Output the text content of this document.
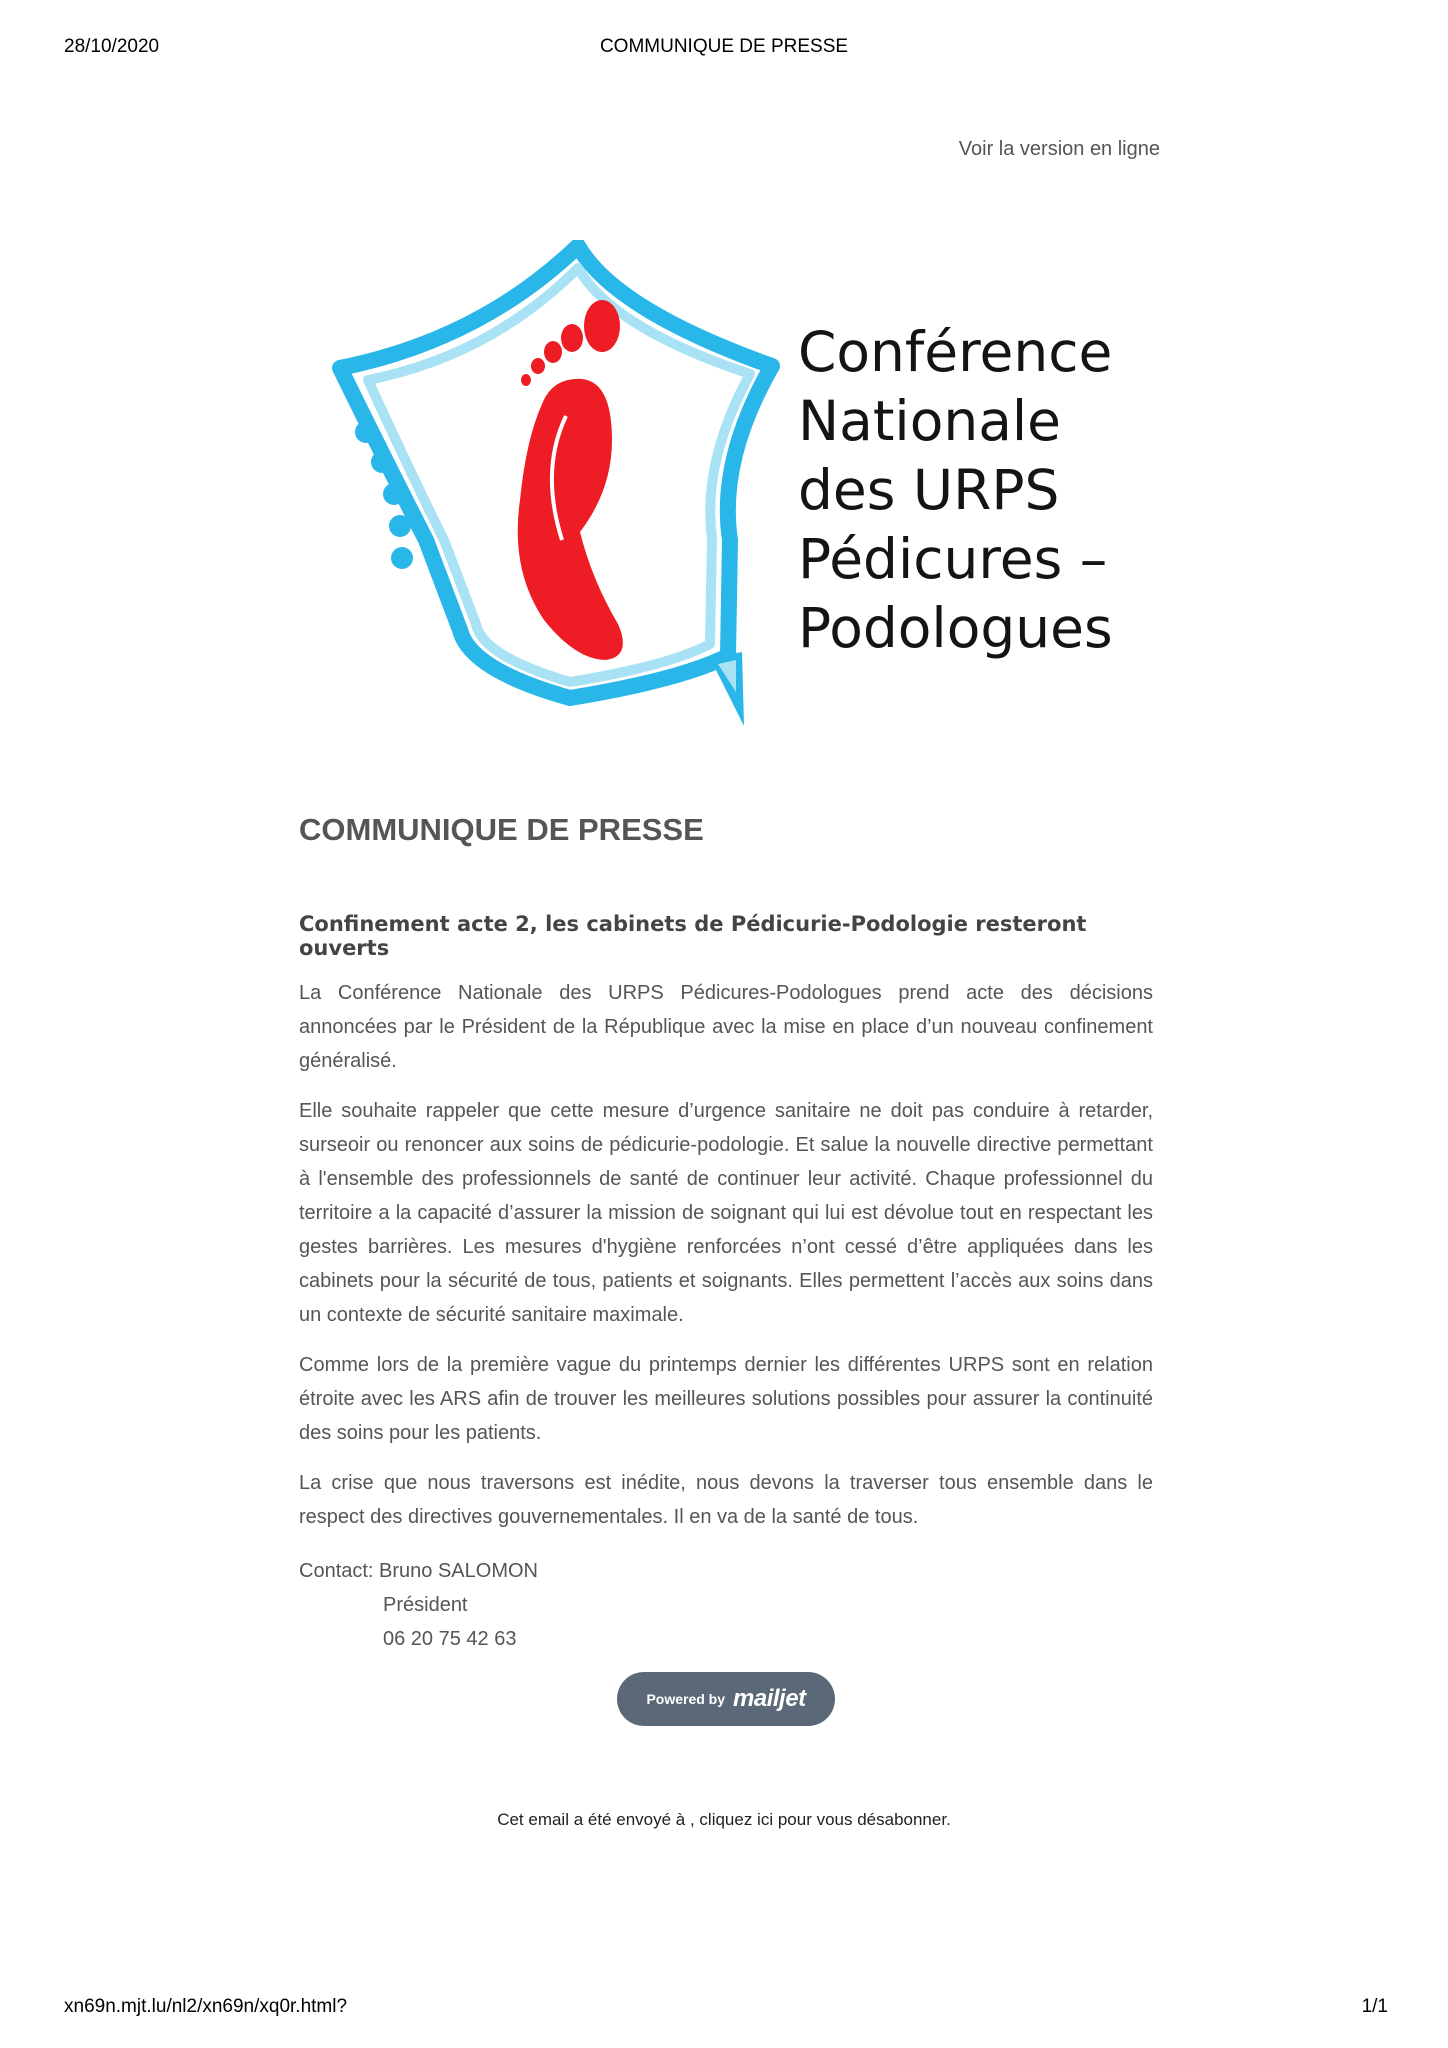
28/10/2020	COMMUNIQUE DE PRESSE
Voir la version en ligne
Conférence
Nationale
des URPS
Pédicures –
Podologues
COMMUNIQUE DE PRESSE
Confinement acte 2, les cabinets de Pédicurie-Podologie resteront ouverts

La Conférence Nationale des URPS Pédicures-Podologues prend acte des décisions annoncées par le Président de la République avec la mise en place d’un nouveau confinement généralisé.

Elle souhaite rappeler que cette mesure d’urgence sanitaire ne doit pas conduire à retarder, surseoir ou renoncer aux soins de pédicurie-podologie. Et salue la nouvelle directive permettant à l'ensemble des professionnels de santé de continuer leur activité. Chaque professionnel du territoire a la capacité d’assurer la mission de soignant qui lui est dévolue tout en respectant les gestes barrières. Les mesures d'hygiène renforcées n’ont cessé d’être appliquées dans les cabinets pour la sécurité de tous, patients et soignants. Elles permettent l’accès aux soins dans un contexte de sécurité sanitaire maximale.

Comme lors de la première vague du printemps dernier les différentes URPS sont en relation étroite avec les ARS afin de trouver les meilleures solutions possibles pour assurer la continuité des soins pour les patients.

La crise que nous traversons est inédite, nous devons la traverser tous ensemble dans le respect des directives gouvernementales. Il en va de la santé de tous.

Contact: Bruno SALOMON
Président
06 20 75 42 63
Powered by mailjet
Cet email a été envoyé à , cliquez ici pour vous désabonner.
xn69n.mjt.lu/nl2/xn69n/xq0r.html?	1/1
